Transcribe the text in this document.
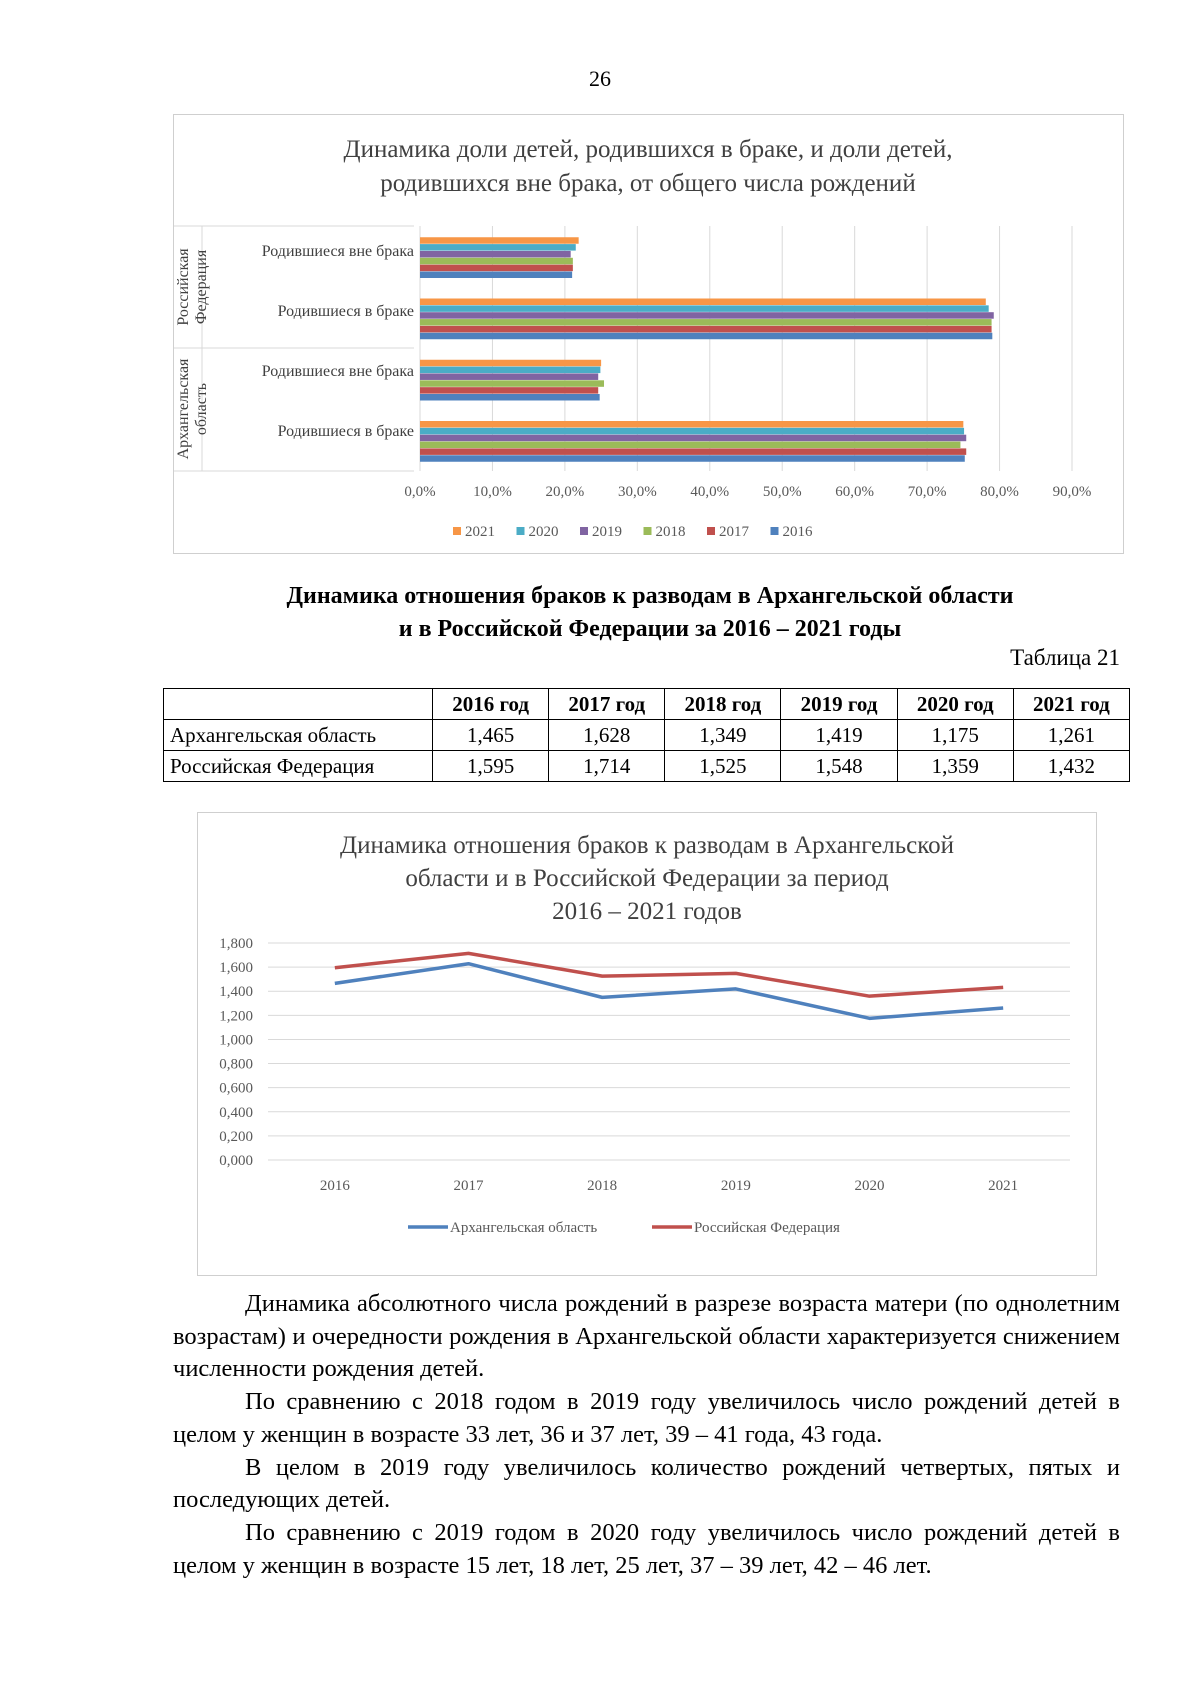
26
Динамика доли детей, родившихся в браке, и доли детей,
родившихся вне брака, от общего числа рождений
0,0% 10,0% 20,0% 30,0% 40,0% 50,0% 60,0% 70,0% 80,0% 90,0%
Российская Федерация
Архангельская область
Родившиеся вне брака
Родившиеся в браке
Родившиеся вне брака
Родившиеся в браке
2021 2020 2019 2018 2017 2016
Динамика отношения браков к разводам в Архангельской области
и в Российской Федерации за 2016 – 2021 годы
Таблица 21
	2016 год	2017 год	2018 год	2019 год	2020 год	2021 год
Архангельская область	1,465	1,628	1,349	1,419	1,175	1,261
Российская Федерация	1,595	1,714	1,525	1,548	1,359	1,432
Динамика отношения браков к разводам в Архангельской
области и в Российской Федерации за период
2016 – 2021 годов
0,000
0,200
0,400
0,600
0,800
1,000
1,200
1,400
1,600
1,800
2016	2017	2018	2019	2020	2021
Архангельская область	Российская Федерация

Динамика абсолютного числа рождений в разрезе возраста матери (по однолетним возрастам) и очередности рождения в Архангельской области характеризуется снижением численности рождения детей.

По сравнению с 2018 годом в 2019 году увеличилось число рождений детей в целом у женщин в возрасте 33 лет, 36 и 37 лет, 39 – 41 года, 43 года.

В целом в 2019 году увеличилось количество рождений четвертых, пятых и последующих детей.

По сравнению с 2019 годом в 2020 году увеличилось число рождений детей в целом у женщин в возрасте 15 лет, 18 лет, 25 лет, 37 – 39 лет, 42 – 46 лет.
